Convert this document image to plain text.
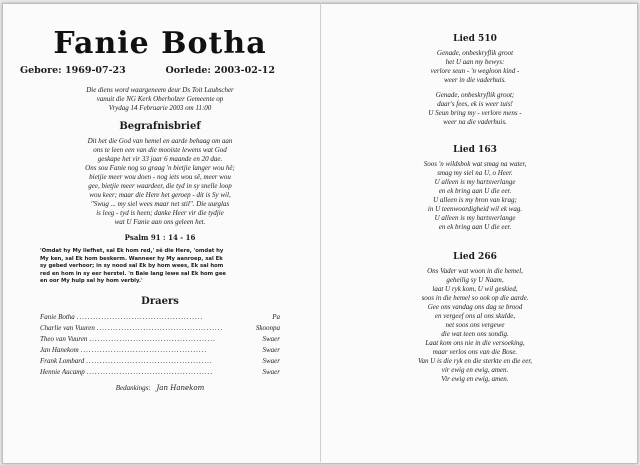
Fanie Botha
Gebore: 1969-07-23	Oorlede: 2003-02-12
Die diens word waargeneem deur Ds Toit Laubscher
vanuit die NG Kerk Oberholzer Gemeente op
Vrydag 14 Februarie 2003 om 11:00
Begrafnisbrief
Dit het die God van hemel en aarde behaag om aan
ons te leen een van die mooiste lewens wat God
geskape het vir 33 jaar 6 maande en 20 dae.
Ons sou Fanie nog so graag 'n bietjie langer wou hê;
bietjie meer wou doen - nog iets wou sê, meer wou
gee, bietjie meer waardeer, die tyd in sy snelle loop
wou keer; maar die Here het geroep - dit is Sy wil,
"Swug ... my siel wees maar net stil". Die uurglas
is leeg - tyd is heen; danke Heer vir die tydjie
wat U Fanie aan ons geleen het.
Psalm 91 : 14 - 16
'Omdat hy My liefhet, sal Ek hom red,' sê die Here, 'omdat hy
My ken, sal Ek hom beskerm. Wanneer hy My aanroep, sal Ek
sy gebed verhoor; in sy nood sal Ek by hom wees, Ek sal hom
red en hom in sy eer herstel. 'n Baie lang lewe sal Ek hom gee
en oor My hulp sal hy hom verbly.'
Draers
Fanie Botha ..............................................	Pa
Charlie van Vuuren ..............................................	Skoonpa
Theo van Vuuren ..............................................	Swaer
Jan Hanekom ..............................................	Swaer
Frank Lombard ..............................................	Swaer
Hennie Aucamp ..............................................	Swaer
Bedankings: Jan Hanekom
Lied 510
Genade, onbeskryflik groot
het U aan my bewys:
verlore seun - 'n weglooп kind -
weer in die vaderhuis.
Genade, onbeskryflik groot;
daar's fees, ek is weer tuis!
U Seun bring my - verlore mens -
weer na die vaderhuis.
Lied 163
Soos 'n wildsbok wat smag na water,
smag my siel na U, o Heer.
U alleen is my hartsverlange
en ek bring aan U die eer.
U alleen is my bron van krag;
in U teenwoordigheid wil ek wag.
U alleen is my hartsverlange
en ek bring aan U die eer.
Lied 266
Ons Vader wat woon in die hemel,
geheilig sy U Naam,
laat U ryk kom, U wil geskied,
soos in die hemel so ook op die aarde.
Gee ons vandag ons dag se brood
en vergeef ons al ons skulde,
net soos ons vergewe
die wat teen ons sondig.
Laat kom ons nie in die versoeking,
maar verlos ons van die Bose.
Van U is die ryk en die sterkte en die eer,
vir ewig en ewig, amen.
Vir ewig en ewig, amen.
